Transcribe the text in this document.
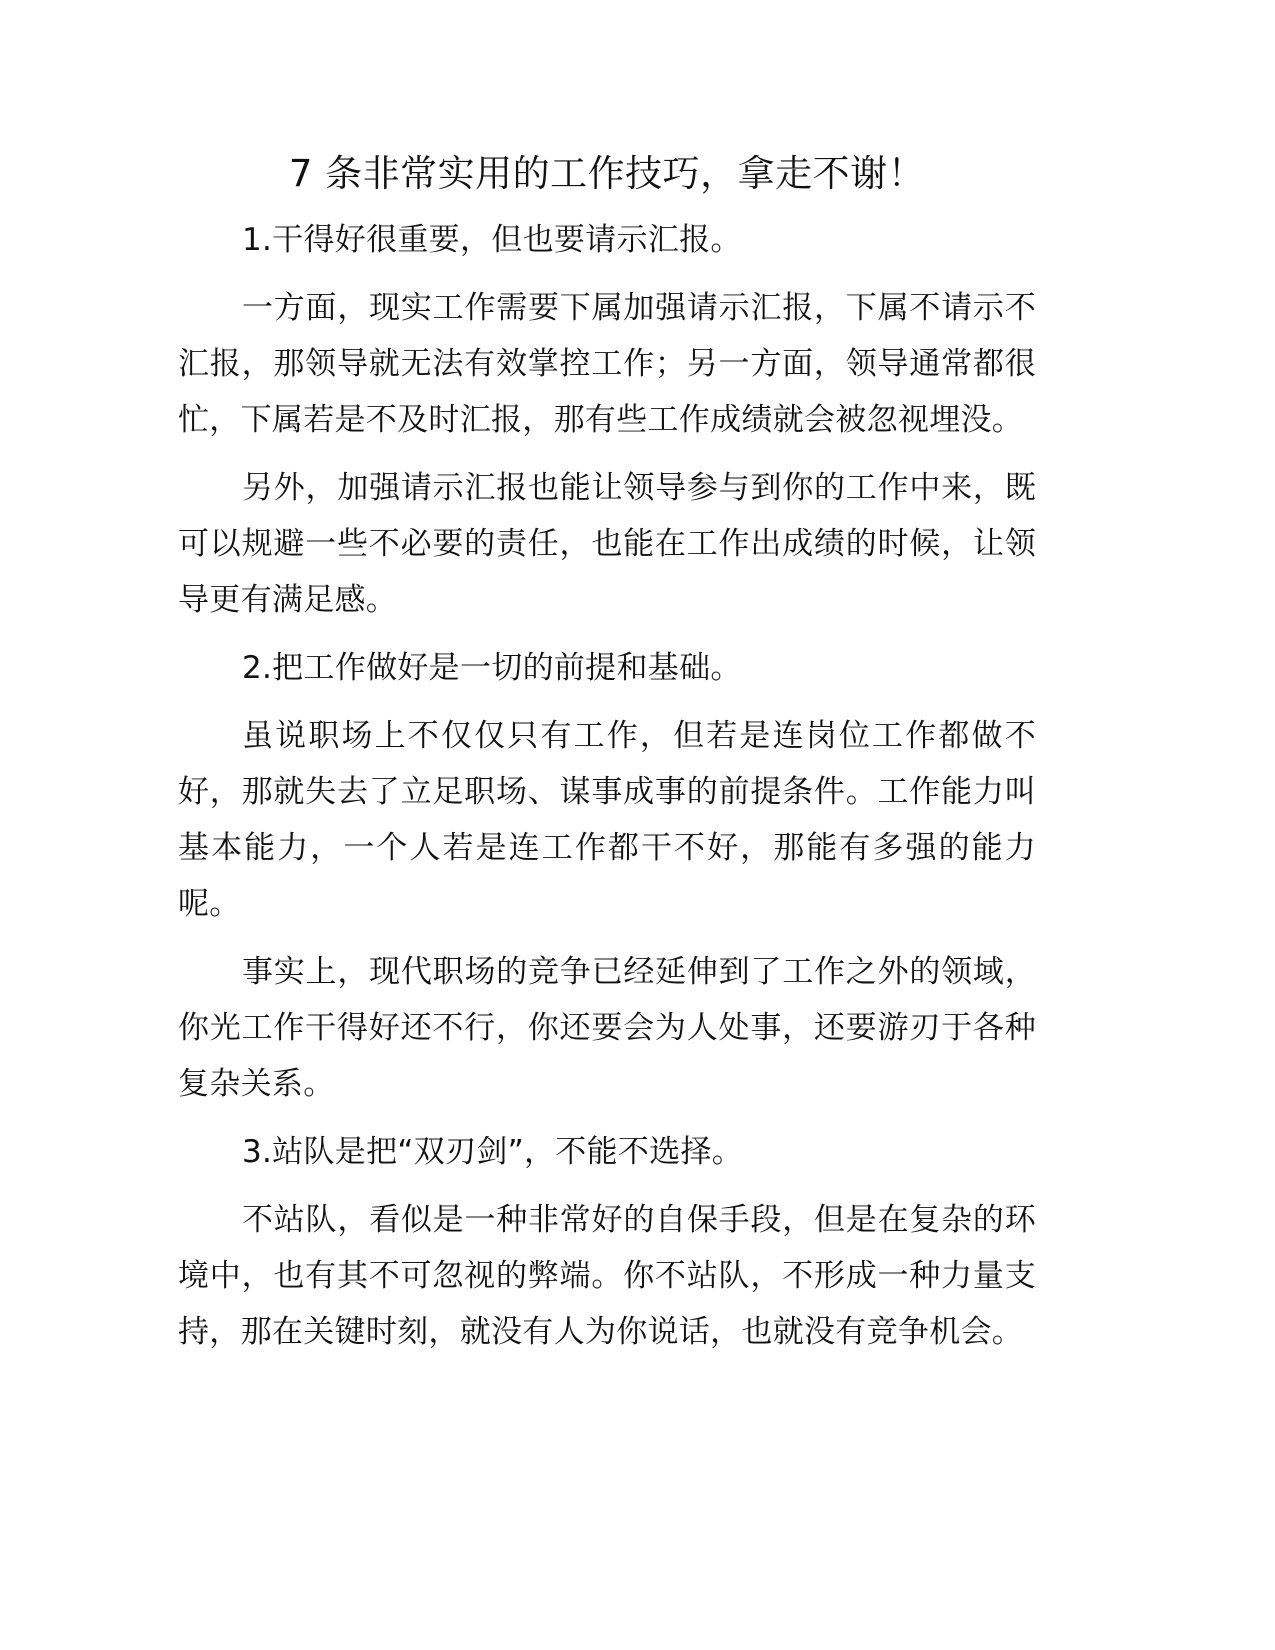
7 条非常实用的工作技巧，拿走不谢！

1.干得好很重要，但也要请示汇报。

一方面，现实工作需要下属加强请示汇报，下属不请示不汇报，那领导就无法有效掌控工作；另一方面，领导通常都很忙，下属若是不及时汇报，那有些工作成绩就会被忽视埋没。

另外，加强请示汇报也能让领导参与到你的工作中来，既可以规避一些不必要的责任，也能在工作出成绩的时候，让领导更有满足感。

2.把工作做好是一切的前提和基础。

虽说职场上不仅仅只有工作，但若是连岗位工作都做不好，那就失去了立足职场、谋事成事的前提条件。工作能力叫基本能力，一个人若是连工作都干不好，那能有多强的能力呢。

事实上，现代职场的竞争已经延伸到了工作之外的领域，你光工作干得好还不行，你还要会为人处事，还要游刃于各种复杂关系。

3.站队是把“双刃剑”，不能不选择。

不站队，看似是一种非常好的自保手段，但是在复杂的环境中，也有其不可忽视的弊端。你不站队，不形成一种力量支持，那在关键时刻，就没有人为你说话，也就没有竞争机会。
